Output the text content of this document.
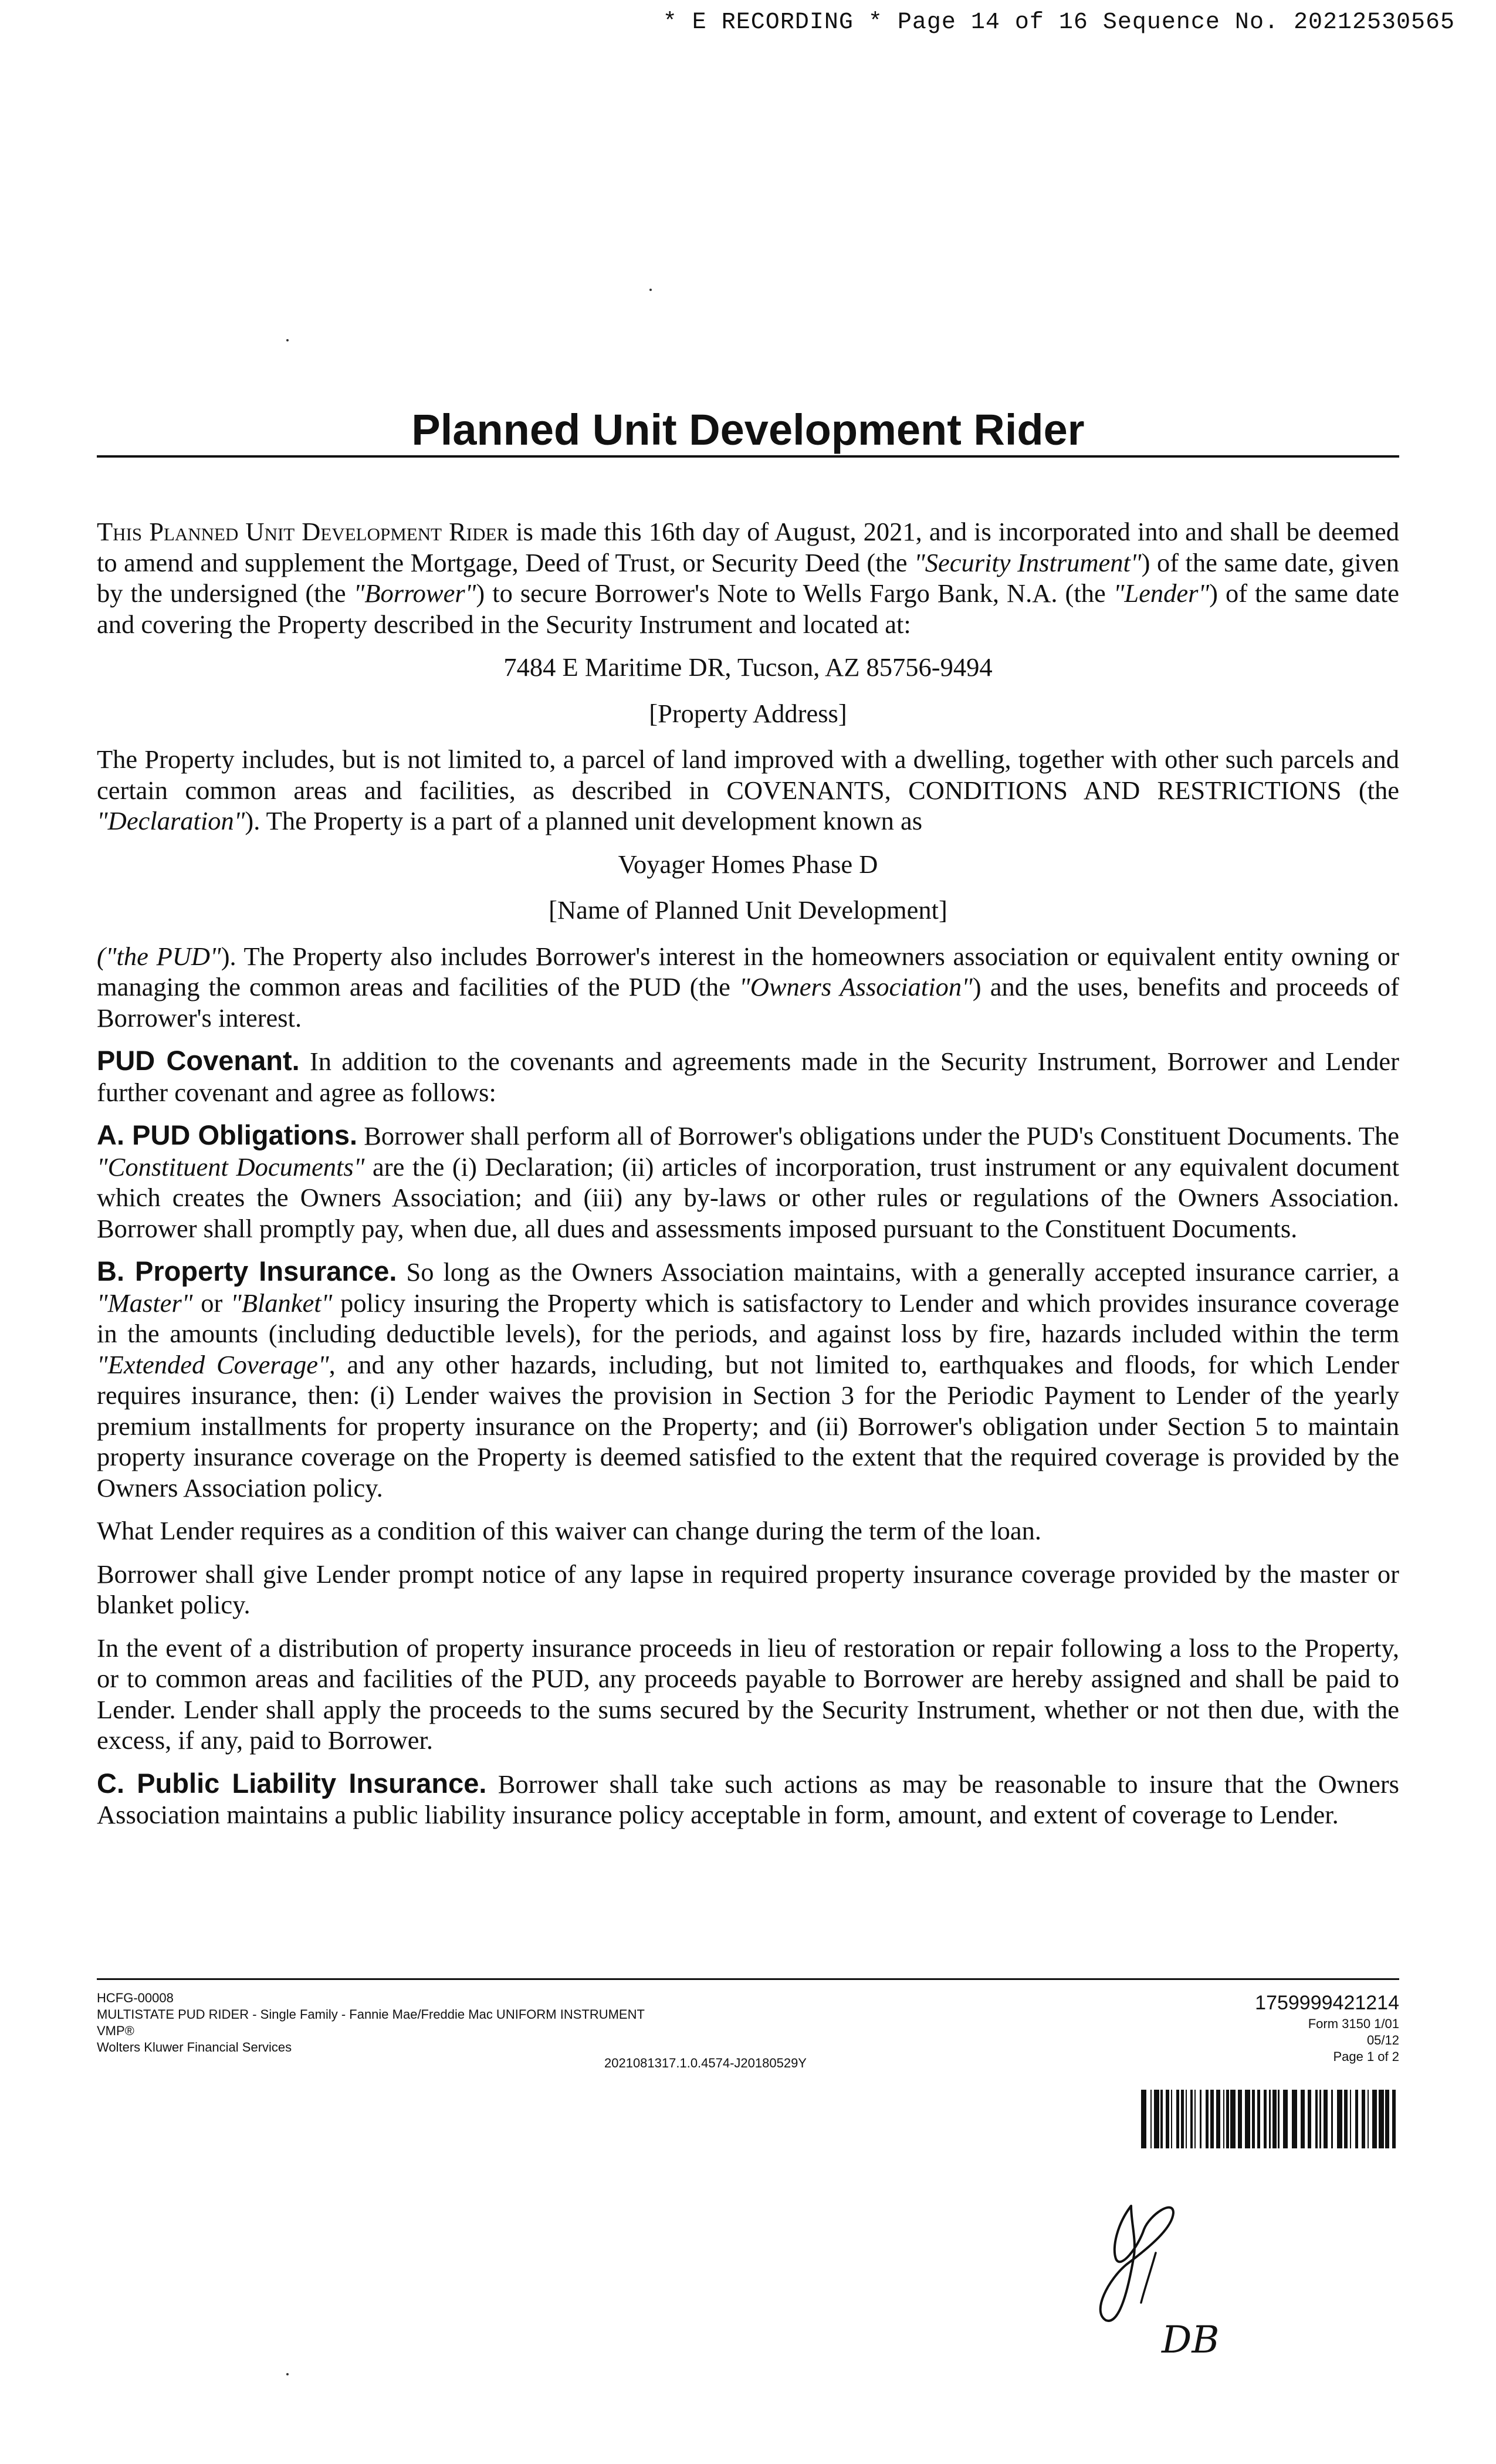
* E RECORDING * Page 14 of 16 Sequence No. 20212530565
Planned Unit Development Rider

This Planned Unit Development Rider is made this 16th day of August, 2021, and is incorporated into and shall be deemed to amend and supplement the Mortgage, Deed of Trust, or Security Deed (the "Security Instrument") of the same date, given by the undersigned (the "Borrower") to secure Borrower's Note to Wells Fargo Bank, N.A. (the "Lender") of the same date and covering the Property described in the Security Instrument and located at:

7484 E Maritime DR, Tucson, AZ 85756-9494

[Property Address]

The Property includes, but is not limited to, a parcel of land improved with a dwelling, together with other such parcels and certain common areas and facilities, as described in COVENANTS, CONDITIONS AND RESTRICTIONS (the "Declaration"). The Property is a part of a planned unit development known as

Voyager Homes Phase D

[Name of Planned Unit Development]

("the PUD"). The Property also includes Borrower's interest in the homeowners association or equivalent entity owning or managing the common areas and facilities of the PUD (the "Owners Association") and the uses, benefits and proceeds of Borrower's interest.

PUD Covenant. In addition to the covenants and agreements made in the Security Instrument, Borrower and Lender further covenant and agree as follows:

A. PUD Obligations. Borrower shall perform all of Borrower's obligations under the PUD's Constituent Documents. The "Constituent Documents" are the (i) Declaration; (ii) articles of incorporation, trust instrument or any equivalent document which creates the Owners Association; and (iii) any by-laws or other rules or regulations of the Owners Association. Borrower shall promptly pay, when due, all dues and assessments imposed pursuant to the Constituent Documents.

B. Property Insurance. So long as the Owners Association maintains, with a generally accepted insurance carrier, a "Master" or "Blanket" policy insuring the Property which is satisfactory to Lender and which provides insurance coverage in the amounts (including deductible levels), for the periods, and against loss by fire, hazards included within the term "Extended Coverage", and any other hazards, including, but not limited to, earthquakes and floods, for which Lender requires insurance, then: (i) Lender waives the provision in Section 3 for the Periodic Payment to Lender of the yearly premium installments for property insurance on the Property; and (ii) Borrower's obligation under Section 5 to maintain property insurance coverage on the Property is deemed satisfied to the extent that the required coverage is provided by the Owners Association policy.

What Lender requires as a condition of this waiver can change during the term of the loan.

Borrower shall give Lender prompt notice of any lapse in required property insurance coverage provided by the master or blanket policy.

In the event of a distribution of property insurance proceeds in lieu of restoration or repair following a loss to the Property, or to common areas and facilities of the PUD, any proceeds payable to Borrower are hereby assigned and shall be paid to Lender. Lender shall apply the proceeds to the sums secured by the Security Instrument, whether or not then due, with the excess, if any, paid to Borrower.

C. Public Liability Insurance. Borrower shall take such actions as may be reasonable to insure that the Owners Association maintains a public liability insurance policy acceptable in form, amount, and extent of coverage to Lender.

HCFG-00008
MULTISTATE PUD RIDER - Single Family - Fannie Mae/Freddie Mac UNIFORM INSTRUMENT
VMP®
Wolters Kluwer Financial Services
2021081317.1.0.4574-J20180529Y
1759999421214
Form 3150 1/01
05/12
Page 1 of 2
DB
